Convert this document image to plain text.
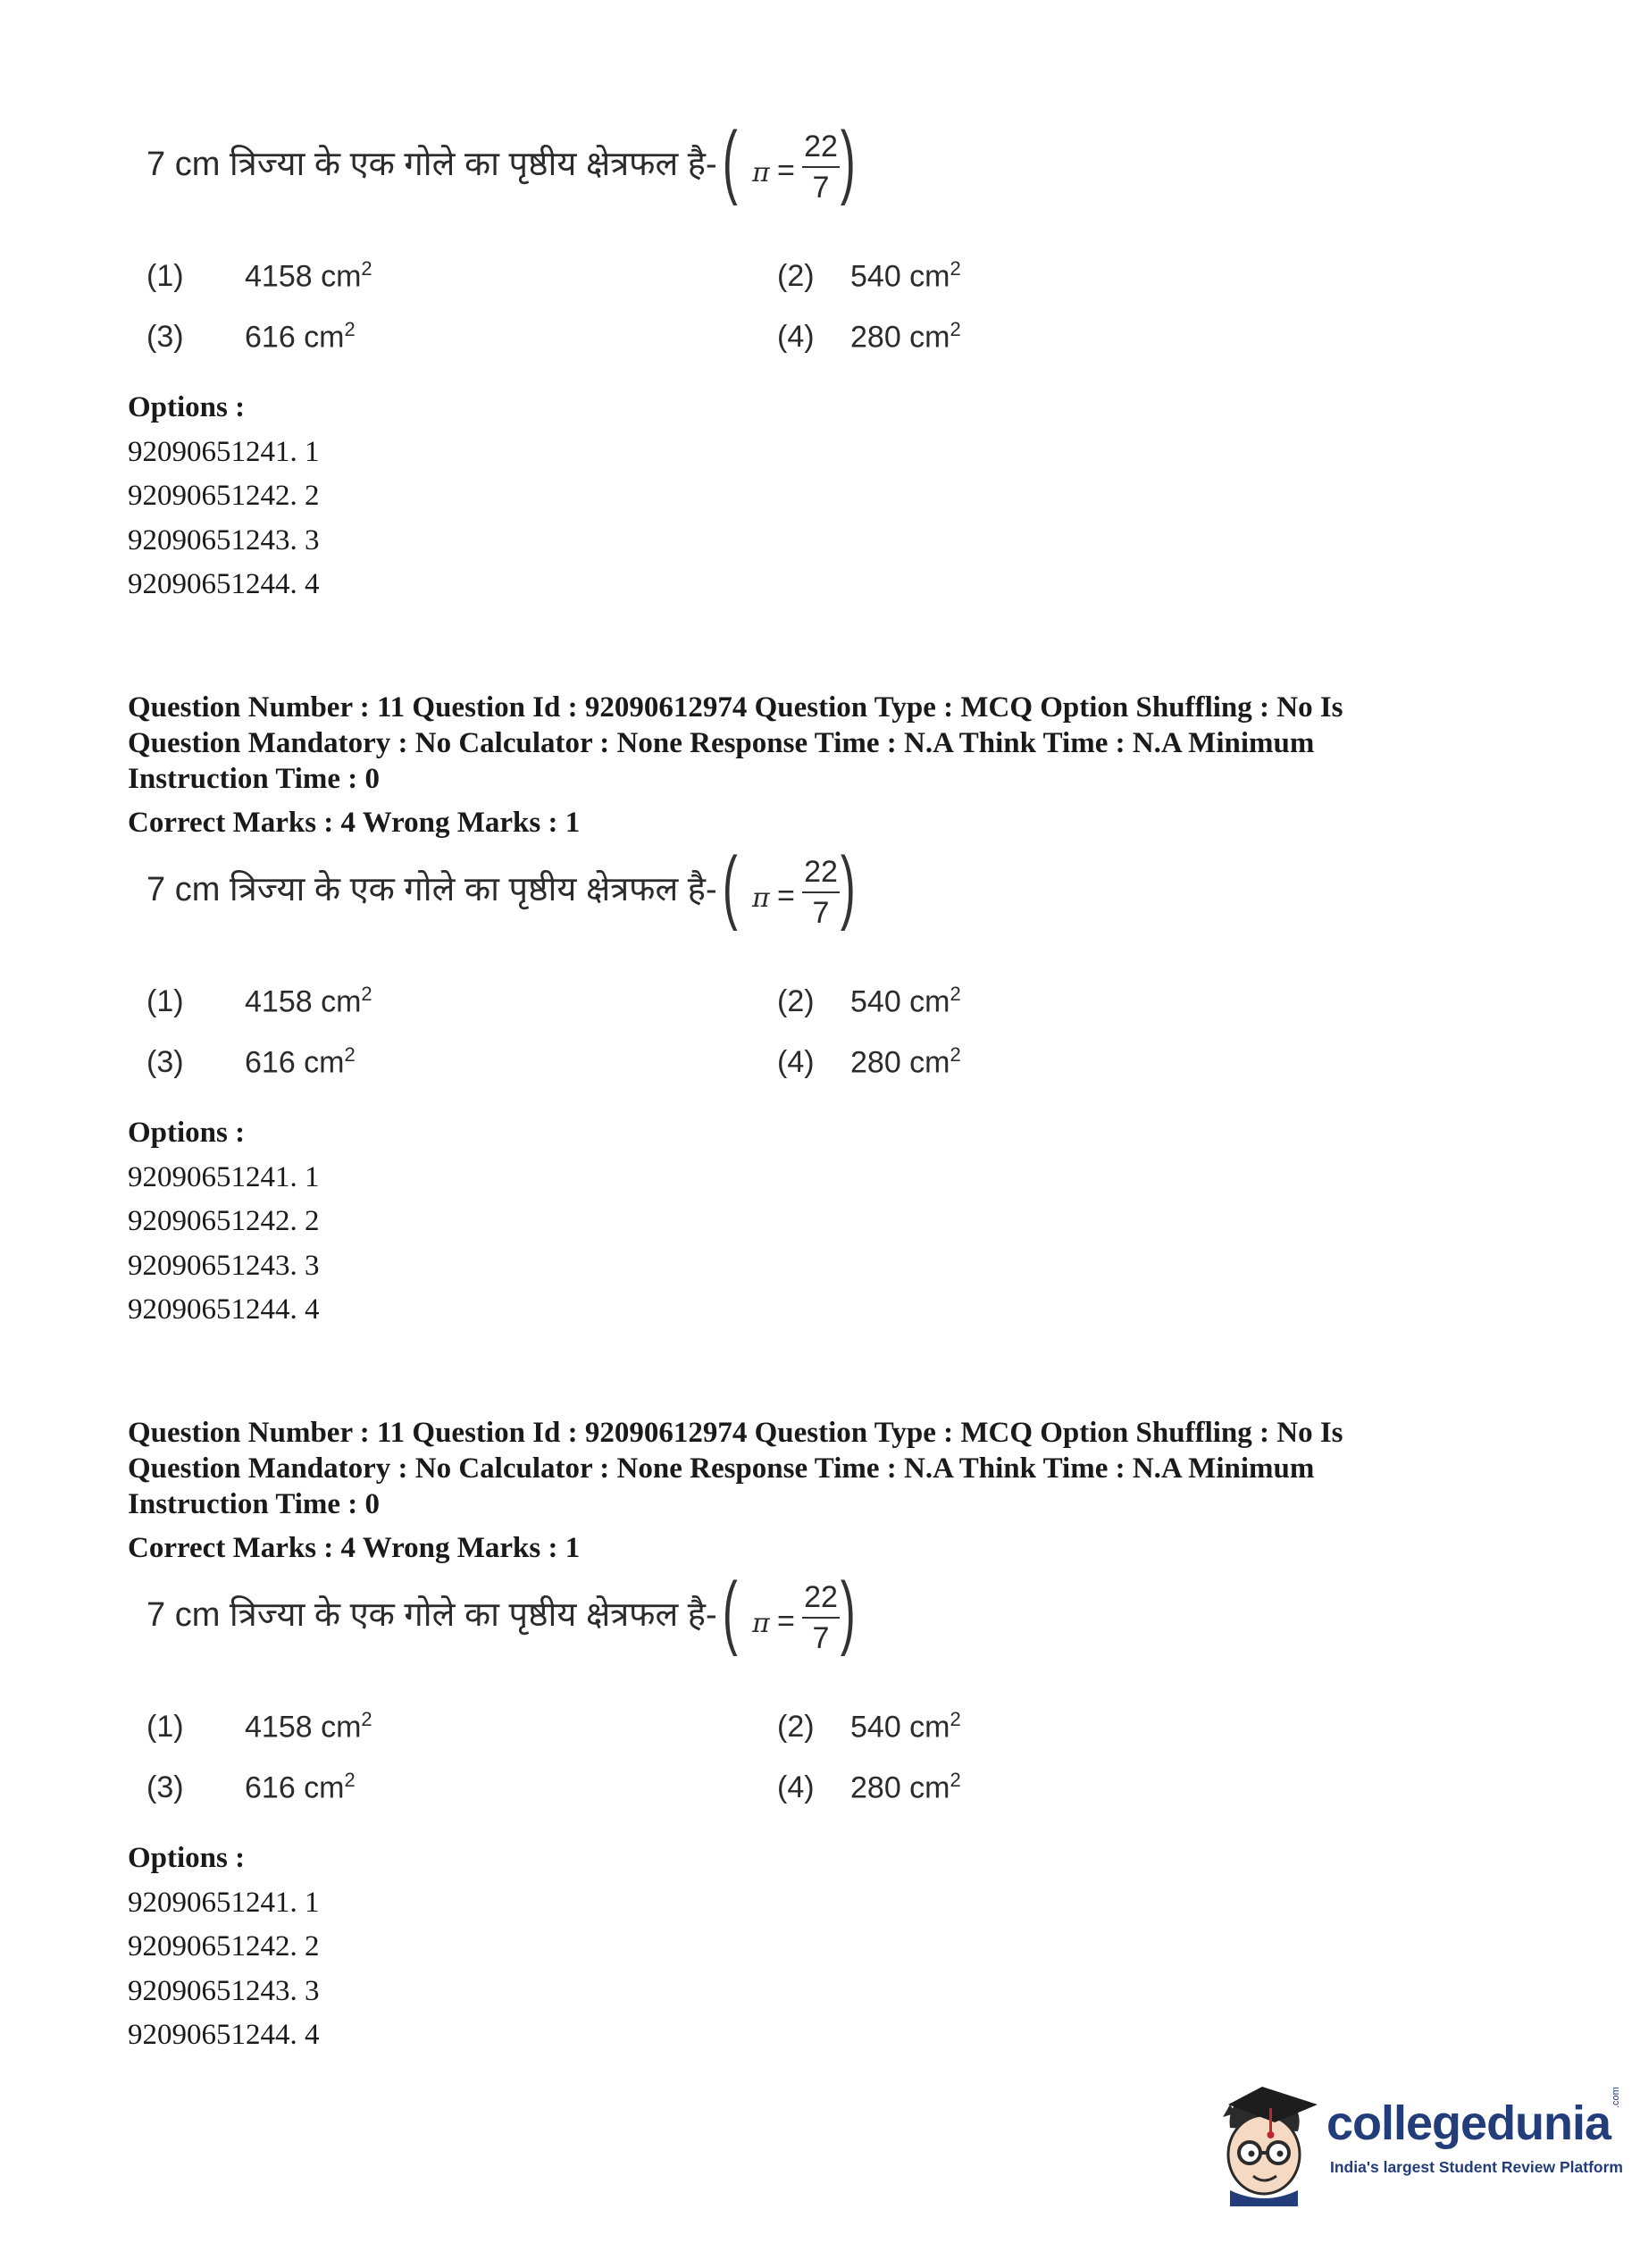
7 cm त्रिज्या के एक गोले का पृष्ठीय क्षेत्रफल है- ( π =
22
7 )
(1) 4158 $cm^2$	(2) 540 $cm^2$
(3) 616 $cm^2$	(4) 280 $cm^2$
Options :
92090651241. 1
92090651242. 2
92090651243. 3
92090651244. 4
Question Number : 11 Question Id : 92090612974 Question Type : MCQ Option Shuffling : No Is
Question Mandatory : No Calculator : None Response Time : N.A Think Time : N.A Minimum
Instruction Time : 0
Correct Marks : 4 Wrong Marks : 1
7 cm त्रिज्या के एक गोले का पृष्ठीय क्षेत्रफल है- ( π =
22
7 )
(1) 4158 $cm^2$	(2) 540 $cm^2$
(3) 616 $cm^2$	(4) 280 $cm^2$
Options :
92090651241. 1
92090651242. 2
92090651243. 3
92090651244. 4
Question Number : 11 Question Id : 92090612974 Question Type : MCQ Option Shuffling : No Is
Question Mandatory : No Calculator : None Response Time : N.A Think Time : N.A Minimum
Instruction Time : 0
Correct Marks : 4 Wrong Marks : 1
7 cm त्रिज्या के एक गोले का पृष्ठीय क्षेत्रफल है- ( π =
22
7 )
(1) 4158 $cm^2$	(2) 540 $cm^2$
(3) 616 $cm^2$	(4) 280 $cm^2$
Options :
92090651241. 1
92090651242. 2
92090651243. 3
92090651244. 4
collegedunia .com
India's largest Student Review Platform
